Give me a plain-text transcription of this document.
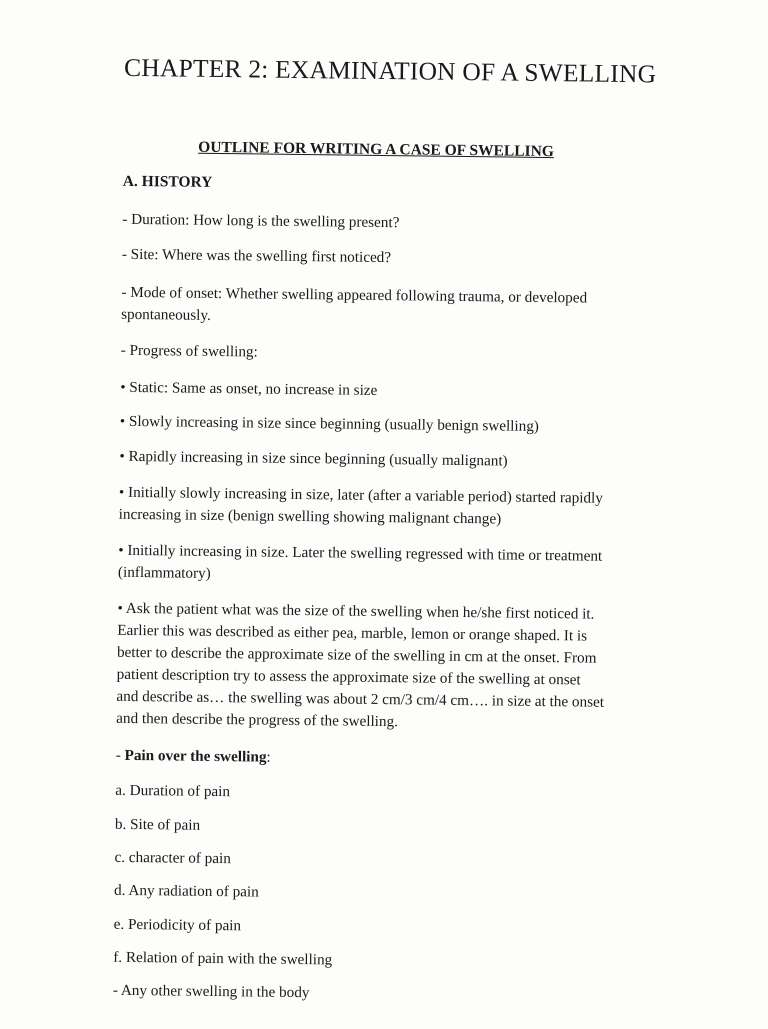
CHAPTER 2: EXAMINATION OF A SWELLING
OUTLINE FOR WRITING A CASE OF SWELLING
A. HISTORY

- Duration: How long is the swelling present?

- Site: Where was the swelling first noticed?

- Mode of onset: Whether swelling appeared following trauma, or developed

spontaneously.

- Progress of swelling:

• Static: Same as onset, no increase in size

• Slowly increasing in size since beginning (usually benign swelling)

• Rapidly increasing in size since beginning (usually malignant)

• Initially slowly increasing in size, later (after a variable period) started rapidly

increasing in size (benign swelling showing malignant change)

• Initially increasing in size. Later the swelling regressed with time or treatment

(inflammatory)

• Ask the patient what was the size of the swelling when he/she first noticed it.

Earlier this was described as either pea, marble, lemon or orange shaped. It is

better to describe the approximate size of the swelling in cm at the onset. From

patient description try to assess the approximate size of the swelling at onset

and describe as… the swelling was about 2 cm/3 cm/4 cm…. in size at the onset

and then describe the progress of the swelling.

- Pain over the swelling:

a. Duration of pain

b. Site of pain

c. character of pain

d. Any radiation of pain

e. Periodicity of pain

f. Relation of pain with the swelling

- Any other swelling in the body
